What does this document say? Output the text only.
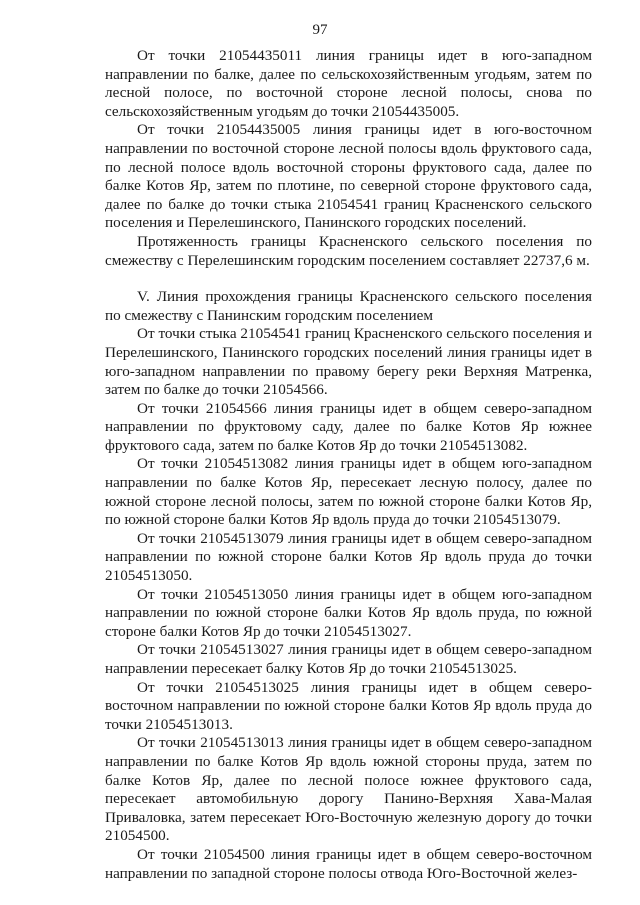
97

От точки 21054435011 линия границы идет в юго-западном направлении по балке, далее по сельскохозяйственным угодьям, затем по лесной полосе, по восточной стороне лесной полосы, снова по сельскохозяйственным угодьям до точки 21054435005.

От точки 21054435005 линия границы идет в юго-восточном направлении по восточной стороне лесной полосы вдоль фруктового сада, по лесной полосе вдоль восточной стороны фруктового сада, далее по балке Котов Яр, затем по плотине, по северной стороне фруктового сада, далее по балке до точки стыка 21054541 границ Красненского сельского поселения и Перелешинского, Панинского городских поселений.

Протяженность границы Красненского сельского поселения по смежеству с Перелешинским городским поселением составляет 22737,6 м.

V. Линия прохождения границы Красненского сельского поселения по смежеству с Панинским городским поселением

От точки стыка 21054541 границ Красненского сельского поселения и Перелешинского, Панинского городских поселений линия границы идет в юго-западном направлении по правому берегу реки Верхняя Матренка, затем по балке до точки 21054566.

От точки 21054566 линия границы идет в общем северо-западном направлении по фруктовому саду, далее по балке Котов Яр южнее фруктового сада, затем по балке Котов Яр до точки 21054513082.

От точки 21054513082 линия границы идет в общем юго-западном направлении по балке Котов Яр, пересекает лесную полосу, далее по южной стороне лесной полосы, затем по южной стороне балки Котов Яр, по южной стороне балки Котов Яр вдоль пруда до точки 21054513079.

От точки 21054513079 линия границы идет в общем северо-западном направлении по южной стороне балки Котов Яр вдоль пруда до точки 21054513050.

От точки 21054513050 линия границы идет в общем юго-западном направлении по южной стороне балки Котов Яр вдоль пруда, по южной стороне балки Котов Яр до точки 21054513027.

От точки 21054513027 линия границы идет в общем северо-западном направлении пересекает балку Котов Яр до точки 21054513025.

От точки 21054513025 линия границы идет в общем северо-восточном направлении по южной стороне балки Котов Яр вдоль пруда до точки 21054513013.

От точки 21054513013 линия границы идет в общем северо-западном направлении по балке Котов Яр вдоль южной стороны пруда, затем по балке Котов Яр, далее по лесной полосе южнее фруктового сада, пересекает автомобильную дорогу Панино-Верхняя Хава-Малая Приваловка, затем пересекает Юго-Восточную железную дорогу до точки 21054500.

От точки 21054500 линия границы идет в общем северо-восточном направлении по западной стороне полосы отвода Юго-Восточной желез-
